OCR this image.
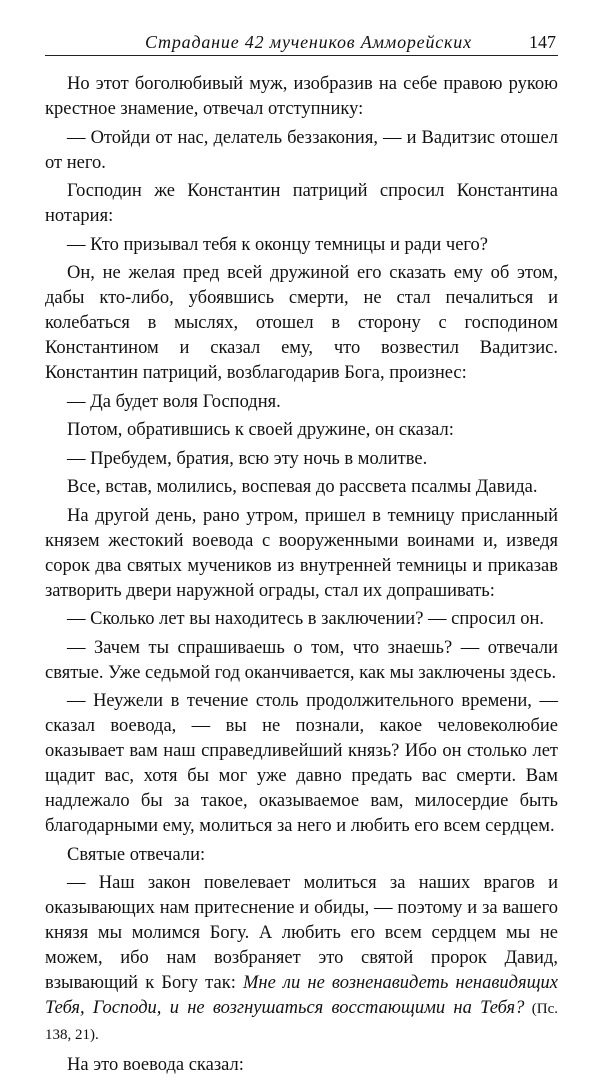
Страдание 42 мучеников Амморейских	147

Но этот боголюбивый муж, изобразив на себе правою рукою крестное знамение, отвечал отступнику:

— Отойди от нас, делатель беззакония, — и Вадитзис отошел от него.

Господин же Константин патриций спросил Константина нотария:

— Кто призывал тебя к оконцу темницы и ради чего?

Он, не желая пред всей дружиной его сказать ему об этом, дабы кто-либо, убоявшись смерти, не стал печалиться и колебаться в мыслях, отошел в сторону с господином Константином и сказал ему, что возвестил Вадитзис. Константин патриций, возблагодарив Бога, произнес:

— Да будет воля Господня.

Потом, обратившись к своей дружине, он сказал:

— Пребудем, братия, всю эту ночь в молитве.

Все, встав, молились, воспевая до рассвета псалмы Давида.

На другой день, рано утром, пришел в темницу присланный князем жестокий воевода с вооруженными воинами и, изведя сорок два святых мучеников из внутренней темницы и приказав затворить двери наружной ограды, стал их допрашивать:

— Сколько лет вы находитесь в заключении? — спросил он.

— Зачем ты спрашиваешь о том, что знаешь? — отвечали святые. Уже седьмой год оканчивается, как мы заключены здесь.

— Неужели в течение столь продолжительного времени, — сказал воевода, — вы не познали, какое человеколюбие оказывает вам наш справедливейший князь? Ибо он столько лет щадит вас, хотя бы мог уже давно предать вас смерти. Вам надлежало бы за такое, оказываемое вам, милосердие быть благодарными ему, молиться за него и любить его всем сердцем.

Святые отвечали:

— Наш закон повелевает молиться за наших врагов и оказывающих нам притеснение и обиды, — поэтому и за вашего князя мы молимся Богу. А любить его всем сердцем мы не можем, ибо нам возбраняет это святой пророк Давид, взывающий к Богу так: Мне ли не возненавидеть ненавидящих Тебя, Господи, и не возгнушаться восстающими на Тебя? (Пс. 138, 21).

На это воевода сказал:
